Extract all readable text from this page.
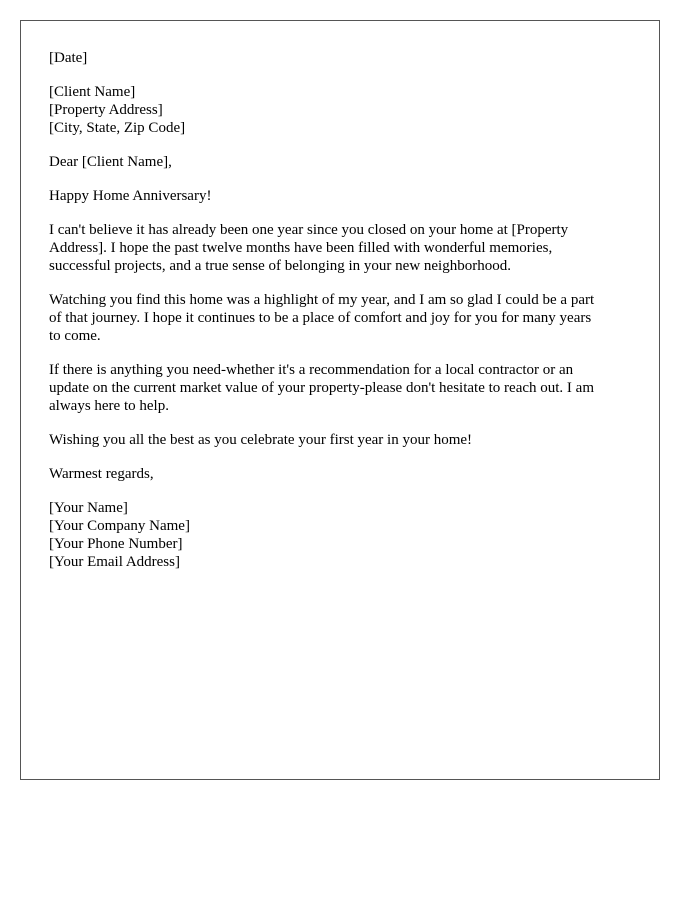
[Date]
[Client Name]
[Property Address]
[City, State, Zip Code]
Dear [Client Name],
Happy Home Anniversary!
I can't believe it has already been one year since you closed on your home at [Property
Address]. I hope the past twelve months have been filled with wonderful memories,
successful projects, and a true sense of belonging in your new neighborhood.
Watching you find this home was a highlight of my year, and I am so glad I could be a part
of that journey. I hope it continues to be a place of comfort and joy for you for many years
to come.
If there is anything you need-whether it's a recommendation for a local contractor or an
update on the current market value of your property-please don't hesitate to reach out. I am
always here to help.
Wishing you all the best as you celebrate your first year in your home!
Warmest regards,
[Your Name]
[Your Company Name]
[Your Phone Number]
[Your Email Address]
